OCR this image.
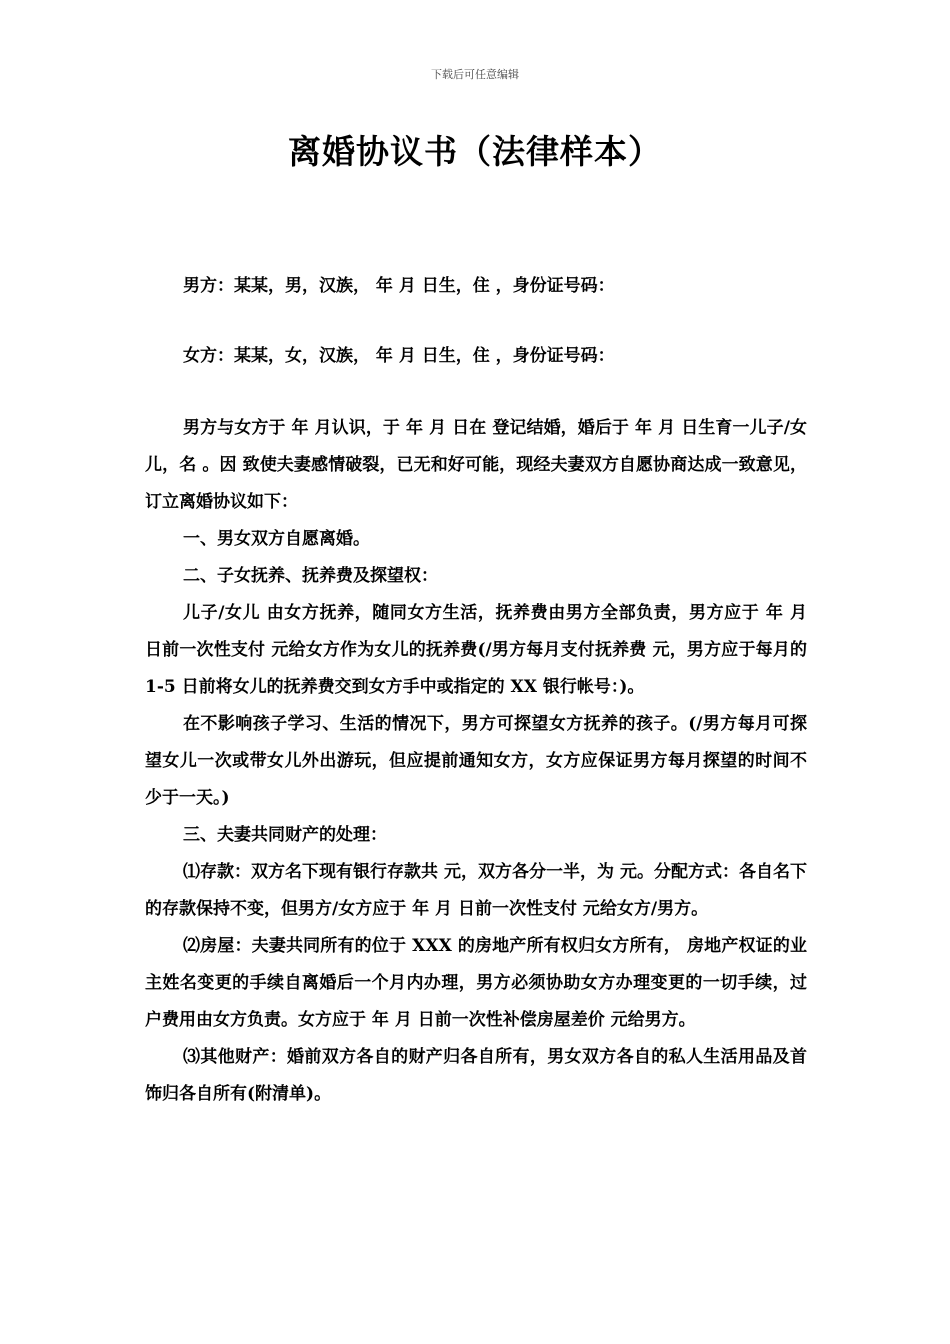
下载后可任意编辑
离婚协议书（法律样本）
男方：某某，男，汉族， 年 月 日生，住 ，身份证号码：
女方：某某，女，汉族， 年 月 日生，住 ，身份证号码：

男方与女方于 年 月认识，于 年 月 日在 登记结婚，婚后于 年 月 日生育一儿子/女儿，名 。因 致使夫妻感情破裂，已无和好可能，现经夫妻双方自愿协商达成一致意见，订立离婚协议如下：

一、男女双方自愿离婚。

二、子女抚养、抚养费及探望权：

儿子/女儿 由女方抚养，随同女方生活，抚养费由男方全部负责，男方应于 年 月 日前一次性支付 元给女方作为女儿的抚养费(/男方每月支付抚养费 元，男方应于每月的 1-5 日前将女儿的抚养费交到女方手中或指定的 XX 银行帐号：)。

在不影响孩子学习、生活的情况下，男方可探望女方抚养的孩子。(/男方每月可探望女儿一次或带女儿外出游玩，但应提前通知女方，女方应保证男方每月探望的时间不少于一天。)

三、夫妻共同财产的处理：

⑴存款：双方名下现有银行存款共 元，双方各分一半，为 元。分配方式：各自名下的存款保持不变，但男方/女方应于 年 月 日前一次性支付 元给女方/男方。

⑵房屋：夫妻共同所有的位于 XXX 的房地产所有权归女方所有， 房地产权证的业主姓名变更的手续自离婚后一个月内办理，男方必须协助女方办理变更的一切手续，过户费用由女方负责。女方应于 年 月 日前一次性补偿房屋差价 元给男方。

⑶其他财产：婚前双方各自的财产归各自所有，男女双方各自的私人生活用品及首饰归各自所有(附清单)。
